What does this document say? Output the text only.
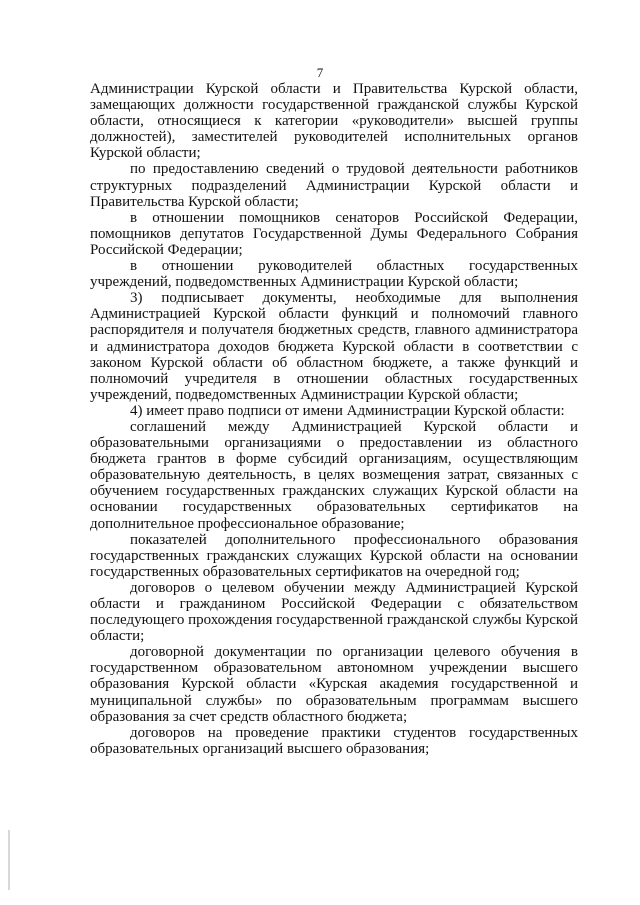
7

Администрации Курской области и Правительства Курской области, замещающих должности государственной гражданской службы Курской области, относящиеся к категории «руководители» высшей группы должностей), заместителей руководителей исполнительных органов Курской области;

по предоставлению сведений о трудовой деятельности работников структурных подразделений Администрации Курской области и Правительства Курской области;

в отношении помощников сенаторов Российской Федерации, помощников депутатов Государственной Думы Федерального Собрания Российской Федерации;

в отношении руководителей областных государственных учреждений, подведомственных Администрации Курской области;

3) подписывает документы, необходимые для выполнения Администрацией Курской области функций и полномочий главного распорядителя и получателя бюджетных средств, главного администратора и администратора доходов бюджета Курской области в соответствии с законом Курской области об областном бюджете, а также функций и полномочий учредителя в отношении областных государственных учреждений, подведомственных Администрации Курской области;

4) имеет право подписи от имени Администрации Курской области:

соглашений между Администрацией Курской области и образовательными организациями о предоставлении из областного бюджета грантов в форме субсидий организациям, осуществляющим образовательную деятельность, в целях возмещения затрат, связанных с обучением государственных гражданских служащих Курской области на основании государственных образовательных сертификатов на дополнительное профессиональное образование;

показателей дополнительного профессионального образования государственных гражданских служащих Курской области на основании государственных образовательных сертификатов на очередной год;

договоров о целевом обучении между Администрацией Курской области и гражданином Российской Федерации с обязательством последующего прохождения государственной гражданской службы Курской области;

договорной документации по организации целевого обучения в государственном образовательном автономном учреждении высшего образования Курской области «Курская академия государственной и муниципальной службы» по образовательным программам высшего образования за счет средств областного бюджета;

договоров на проведение практики студентов государственных образовательных организаций высшего образования;
